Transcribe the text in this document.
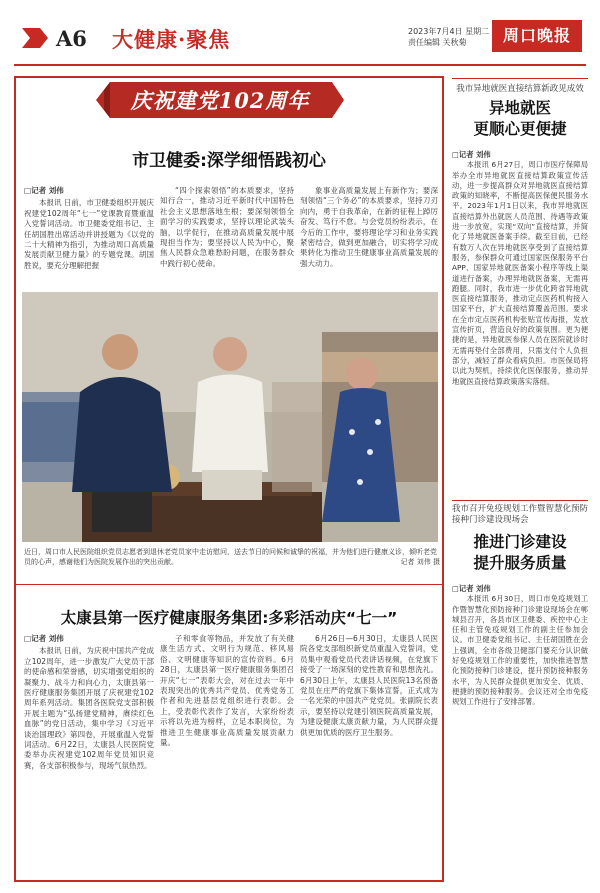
A6 大健康·聚焦	2023年7月4日 星期二
责任编辑 关秋菊	周口晚报
庆祝建党102周年
市卫健委:深学细悟践初心
□记者 刘伟

本报讯 日前，市卫健委组织开展庆祝建党102周年“七一”党课教育暨重温入党誓词活动。市卫健委党组书记、主任胡国胜出席活动并讲授题为《以党的二十大精神为指引，为推动周口高质量发展贡献卫健力量》的专题党课。胡国胜说，要充分理解把握

“四个探索领悟”的本质要求，坚持知行合一，推动习近平新时代中国特色社会主义思想落地生根；要深刻领悟全面学习的实践要求，坚持以理论武装头脑，以学促行，在推动高质量发展中展现担当作为；要坚持以人民为中心，聚焦人民群众急难愁盼问题，在服务群众中践行初心使命。

象事业高质量发展上有新作为；要深刻领悟“三个务必”的本质要求，坚持刀刃向内，勇于自我革命，在新的征程上踔厉奋发、笃行不怠。与会党员纷纷表示，在今后的工作中，要将理论学习和业务实践紧密结合，做到更加融合，切实将学习成果转化为推动卫生健康事业高质量发展的强大动力。

近日，周口市人民医院组织党员志愿者到退休老党员家中走访慰问，送去节日的问候和诚挚的祝福，并为他们进行健康义诊，倾听老党员的心声，感谢他们为医院发展作出的突出贡献。	记者 刘伟 摄
太康县第一医疗健康服务集团:多彩活动庆“七一”
□记者 刘伟

本报讯 日前，为庆祝中国共产党成立102周年，进一步激发广大党员干部的使命感和荣誉感，切实增强党组织的凝聚力、战斗力和向心力，太康县第一医疗健康服务集团开展了庆祝建党102周年系列活动。集团各医院党支部积极开展主题为“弘扬建党精神，赓续红色血脉”的党日活动，集中学习《习近平谈治国理政》第四卷，开展重温入党誓词活动。6月22日，太康县人民医院党委举办庆祝建党102周年党员知识竞赛，各支部积极参与，现场气氛热烈。

子和零食等物品，并发放了有关健康生活方式、文明行为规范、移风易俗、文明健康等知识的宣传资料。6月28日，太康县第一医疗健康服务集团召开庆“七一”表彰大会，对在过去一年中表现突出的优秀共产党员、优秀党务工作者和先进基层党组织进行表彰。会上，受表彰代表作了发言，大家纷纷表示将以先进为榜样，立足本职岗位，为推进卫生健康事业高质量发展贡献力量。

6月26日—6月30日，太康县人民医院各党支部组织新党员重温入党誓词，党员集中观看党员代表讲话视频，在党旗下接受了一场深刻的党性教育和思想洗礼。6月30日上午，太康县人民医院13名预备党员在庄严的党旗下集体宣誓，正式成为一名光荣的中国共产党党员。张副院长表示，要坚持以党建引领医院高质量发展，为建设健康太康贡献力量，为人民群众提供更加优质的医疗卫生服务。

我市异地就医直接结算新政见成效
异地就医
更顺心更便捷
□记者 刘伟

本报讯 6月27日，周口市医疗保障局举办全市异地就医直接结算政策宣传活动，进一步提高群众对异地就医直接结算政策的知晓率，不断提高医保便民服务水平。2023年1月1日以来，我市异地就医直接结算外出就医人员范围、待遇等政策进一步放宽，实现“双向”直接结算，并简化了异地就医备案手续。截至目前，已经有数万人次在异地就医享受到了直接结算服务，参保群众可通过国家医保服务平台APP、国家异地就医备案小程序等线上渠道进行备案，办理异地就医备案，无需再跑腿。同时，我市进一步优化跨省异地就医直接结算服务，推动定点医药机构接入国家平台，扩大直接结算覆盖范围。要求在全市定点医药机构张贴宣传海报，发放宣传折页，营造良好的政策氛围。更为便捷的是，异地就医参保人员在医院就诊时无需再垫付全部费用，只需支付个人负担部分，减轻了群众看病负担。市医保局将以此为契机，持续优化医保服务，推动异地就医直接结算政策落实落细。

我市召开免疫规划工作暨智慧化预防接种门诊建设现场会
推进门诊建设
提升服务质量
□记者 刘伟

本报讯 6月30日，周口市免疫规划工作暨智慧化预防接种门诊建设现场会在郸城县召开，各县市区卫健委、疾控中心主任和主管免疫规划工作的副主任参加会议。市卫健委党组书记、主任胡国胜在会上强调，全市各级卫健部门要充分认识做好免疫规划工作的重要性，加快推进智慧化预防接种门诊建设，提升预防接种服务水平，为人民群众提供更加安全、优质、便捷的预防接种服务。会议还对全市免疫规划工作进行了安排部署。
